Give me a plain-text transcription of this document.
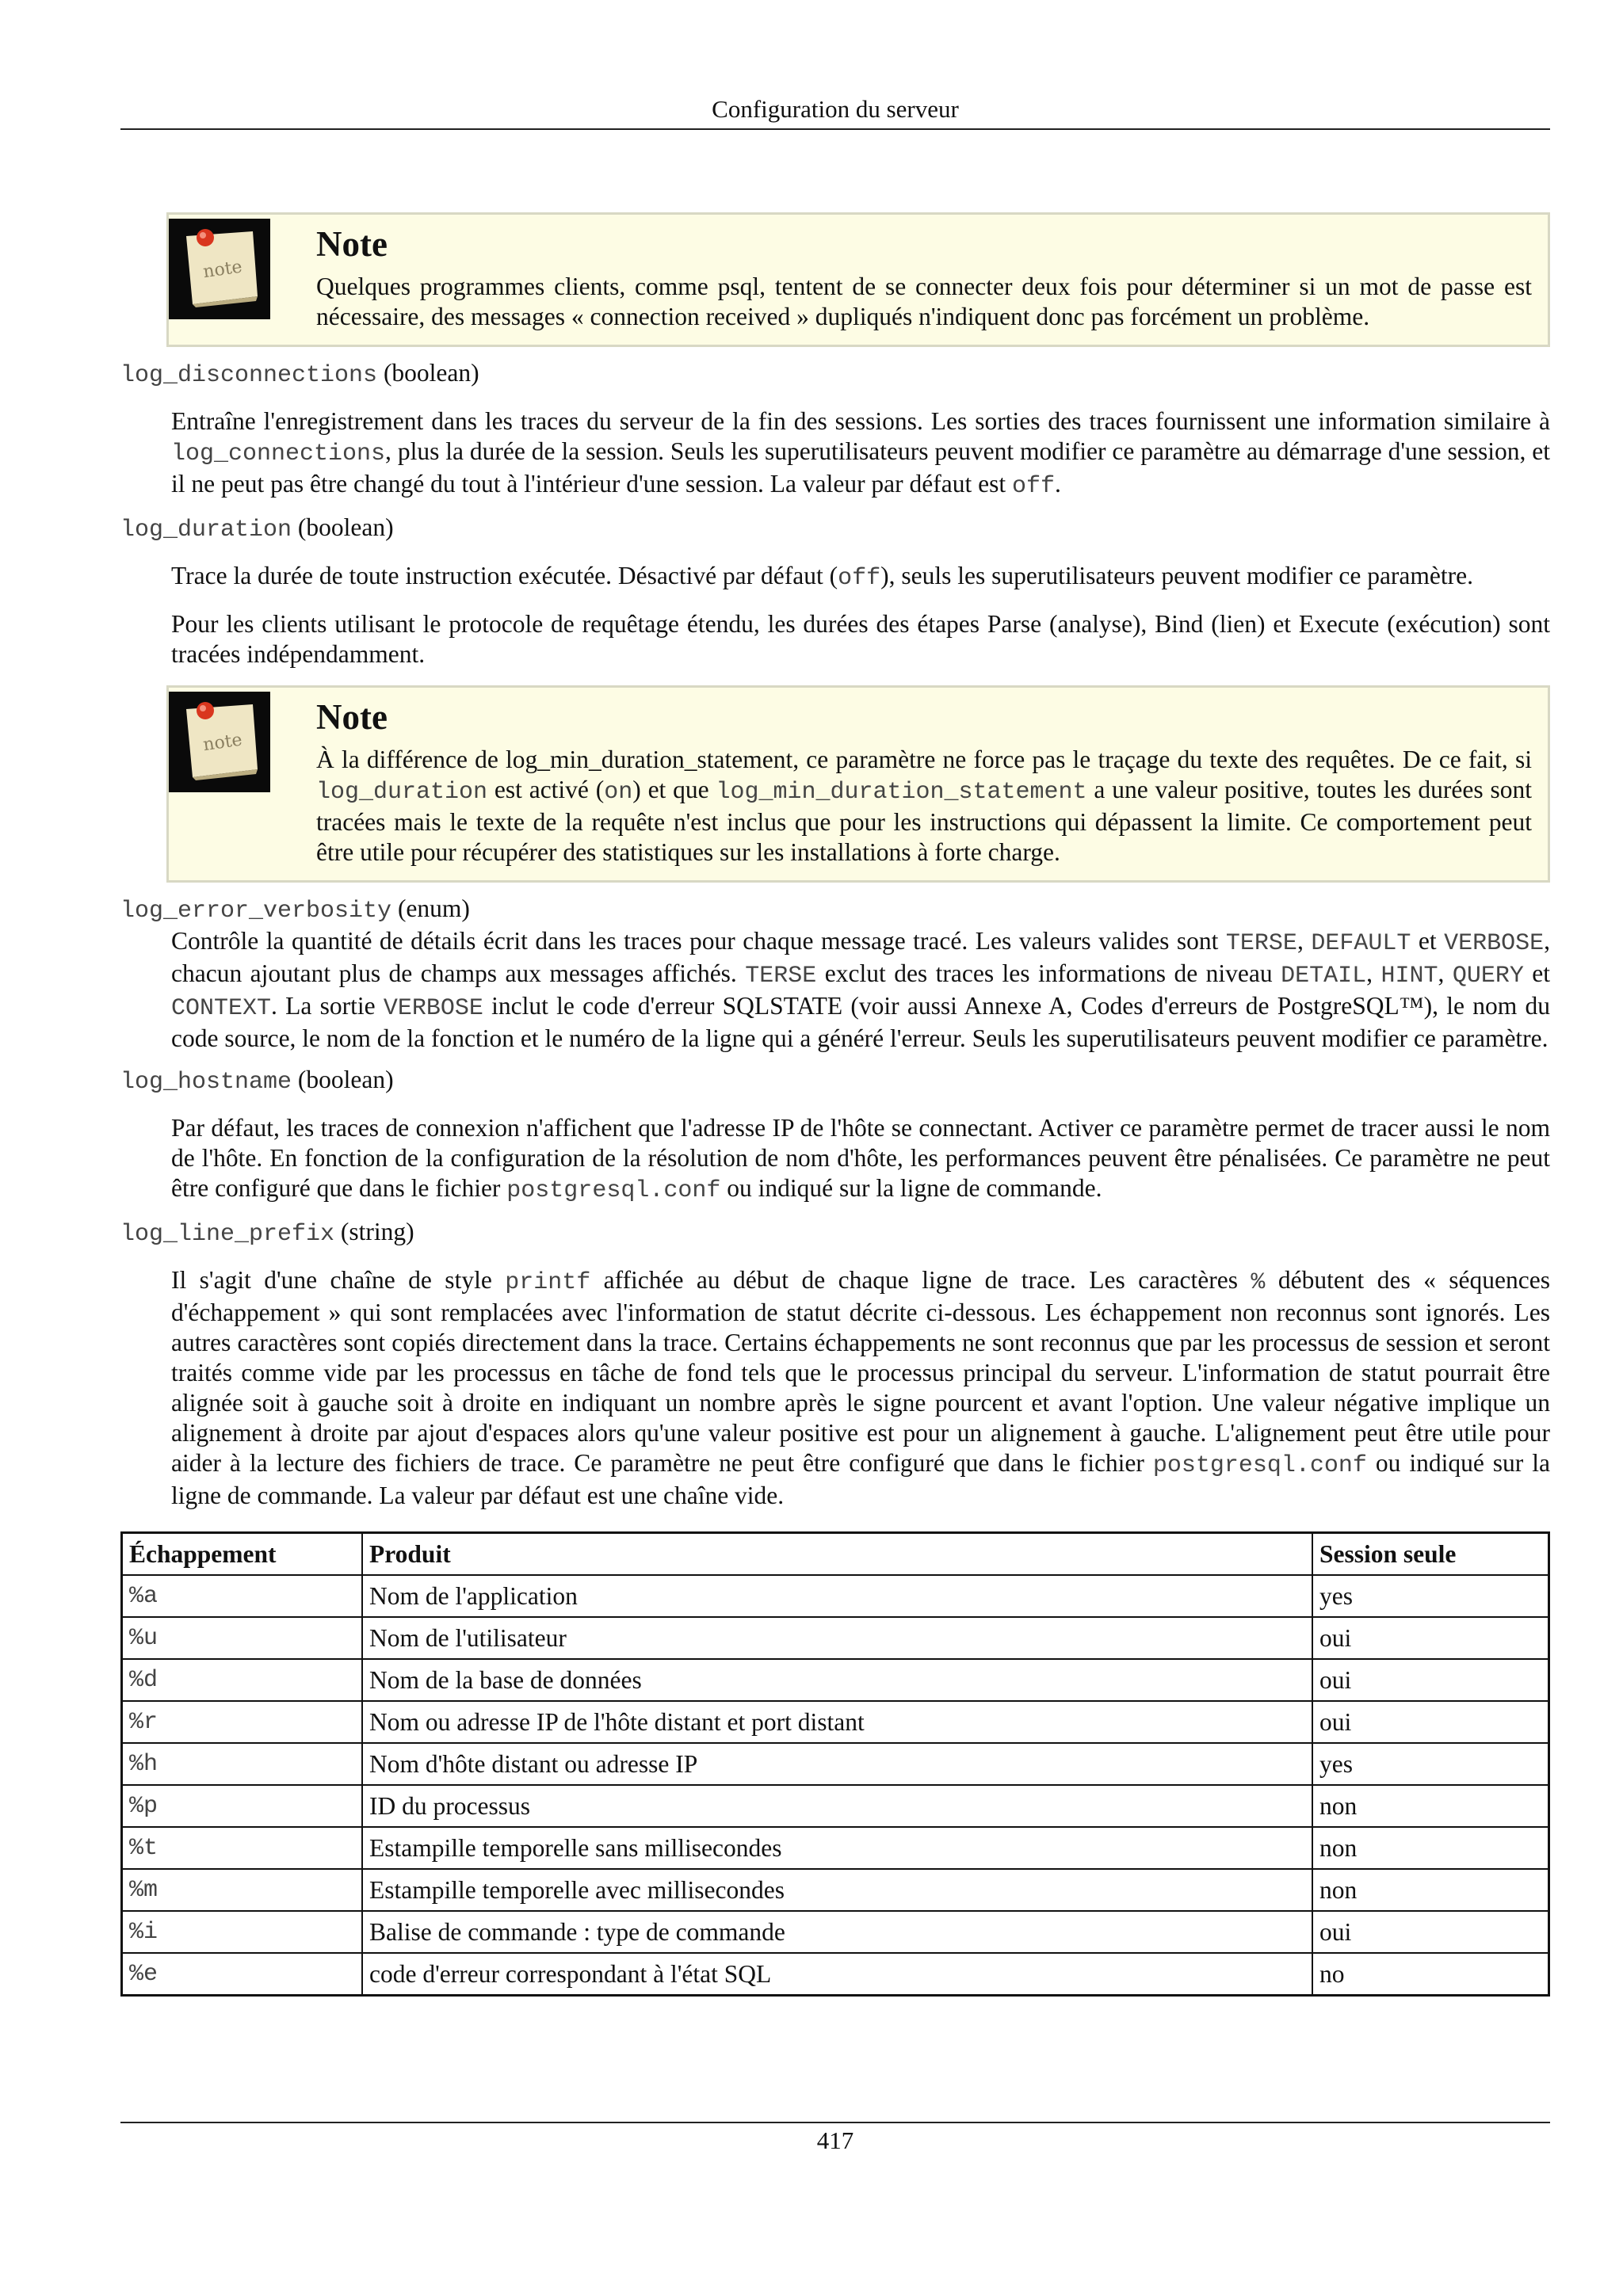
Configuration du serveur
note
Note
Quelques programmes clients, comme psql, tentent de se connecter deux fois pour déterminer si un mot de passe est nécessaire, des messages « connection received » dupliqués n'indiquent donc pas forcément un problème.
log_disconnections (boolean)

Entraîne l'enregistrement dans les traces du serveur de la fin des sessions. Les sorties des traces fournissent une information similaire à log_connections, plus la durée de la session. Seuls les superutilisateurs peuvent modifier ce paramètre au démarrage d'une session, et il ne peut pas être changé du tout à l'intérieur d'une session. La valeur par défaut est off.

log_duration (boolean)

Trace la durée de toute instruction exécutée. Désactivé par défaut (off), seuls les superutilisateurs peuvent modifier ce paramètre.

Pour les clients utilisant le protocole de requêtage étendu, les durées des étapes Parse (analyse), Bind (lien) et Execute (exécution) sont tracées indépendamment.

note
Note
À la différence de log_min_duration_statement, ce paramètre ne force pas le traçage du texte des requêtes. De ce fait, si log_duration est activé (on) et que log_min_duration_statement a une valeur positive, toutes les durées sont tracées mais le texte de la requête n'est inclus que pour les instructions qui dépassent la limite. Ce comportement peut être utile pour récupérer des statistiques sur les installations à forte charge.
log_error_verbosity (enum)

Contrôle la quantité de détails écrit dans les traces pour chaque message tracé. Les valeurs valides sont TERSE, DEFAULT et VERBOSE, chacun ajoutant plus de champs aux messages affichés. TERSE exclut des traces les informations de niveau DETAIL, HINT, QUERY et CONTEXT. La sortie VERBOSE inclut le code d'erreur SQLSTATE (voir aussi Annexe A, Codes d'erreurs de PostgreSQL™), le nom du code source, le nom de la fonction et le numéro de la ligne qui a généré l'erreur. Seuls les superutilisateurs peuvent modifier ce paramètre.

log_hostname (boolean)

Par défaut, les traces de connexion n'affichent que l'adresse IP de l'hôte se connectant. Activer ce paramètre permet de tracer aussi le nom de l'hôte. En fonction de la configuration de la résolution de nom d'hôte, les performances peuvent être pénalisées. Ce paramètre ne peut être configuré que dans le fichier postgresql.conf ou indiqué sur la ligne de commande.

log_line_prefix (string)

Il s'agit d'une chaîne de style printf affichée au début de chaque ligne de trace. Les caractères % débutent des « séquences d'échappement » qui sont remplacées avec l'information de statut décrite ci-dessous. Les échappement non reconnus sont ignorés. Les autres caractères sont copiés directement dans la trace. Certains échappements ne sont reconnus que par les processus de session et seront traités comme vide par les processus en tâche de fond tels que le processus principal du serveur. L'information de statut pourrait être alignée soit à gauche soit à droite en indiquant un nombre après le signe pourcent et avant l'option. Une valeur négative implique un alignement à droite par ajout d'espaces alors qu'une valeur positive est pour un alignement à gauche. L'alignement peut être utile pour aider à la lecture des fichiers de trace. Ce paramètre ne peut être configuré que dans le fichier postgresql.conf ou indiqué sur la ligne de commande. La valeur par défaut est une chaîne vide.

Échappement	Produit	Session seule
%a	Nom de l'application	yes
%u	Nom de l'utilisateur	oui
%d	Nom de la base de données	oui
%r	Nom ou adresse IP de l'hôte distant et port distant	oui
%h	Nom d'hôte distant ou adresse IP	yes
%p	ID du processus	non
%t	Estampille temporelle sans millisecondes	non
%m	Estampille temporelle avec millisecondes	non
%i	Balise de commande : type de commande	oui
%e	code d'erreur correspondant à l'état SQL	no
417
